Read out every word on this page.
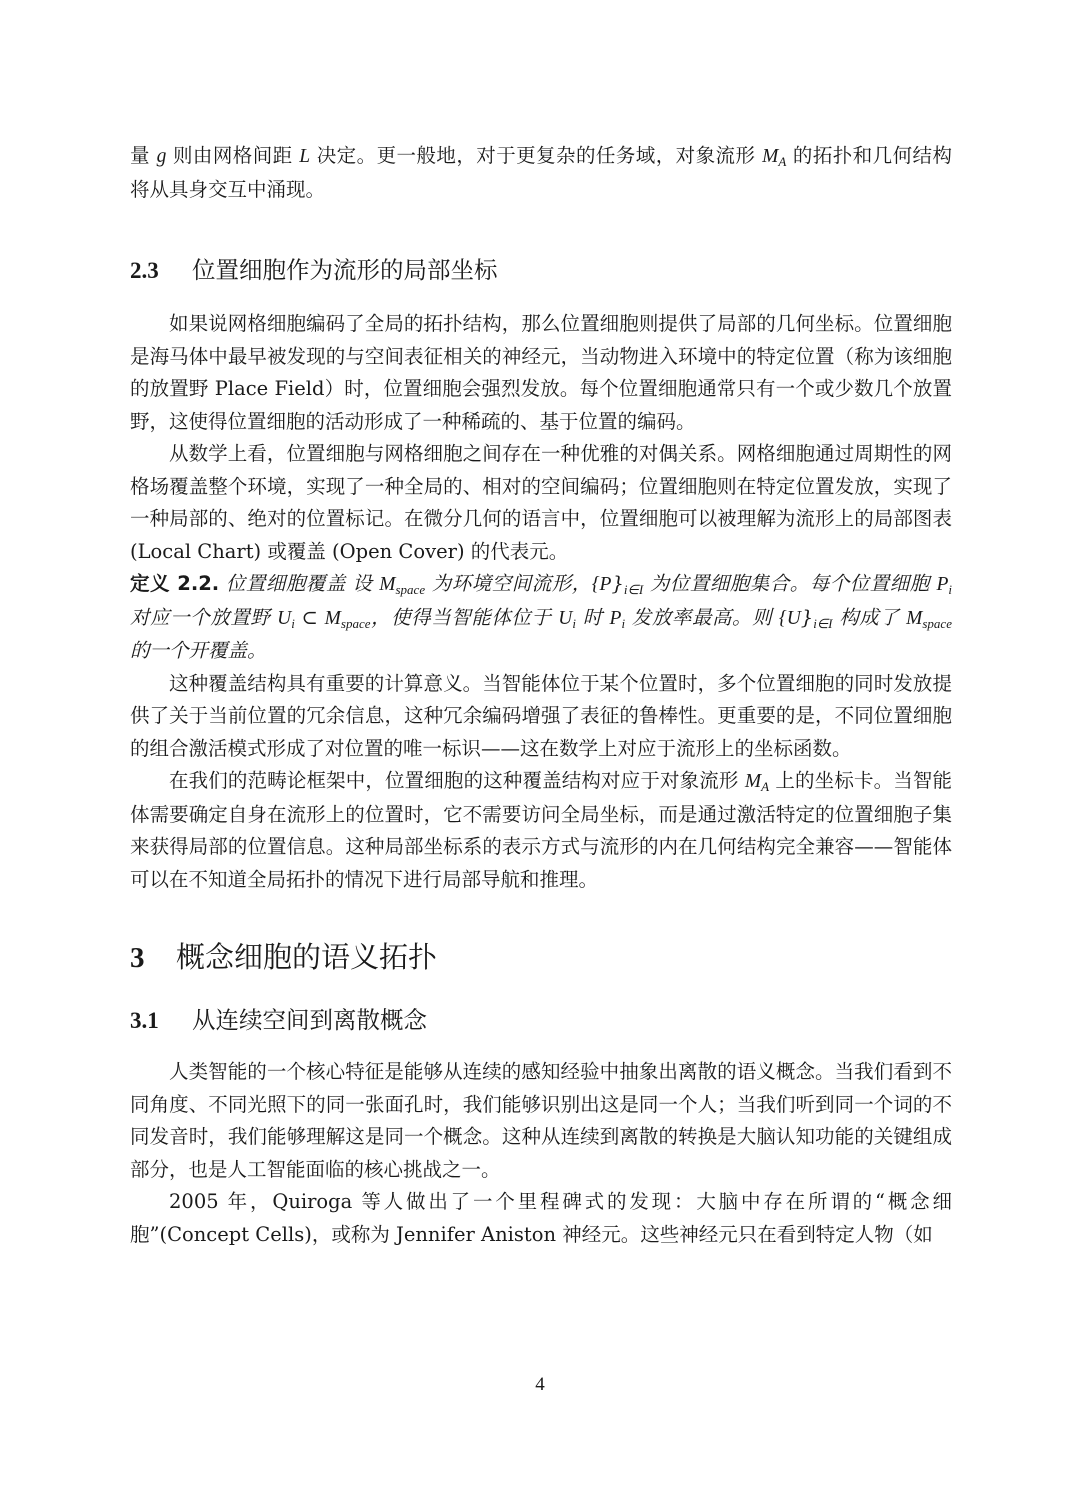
量 g 则由网格间距 L 决定。更一般地，对于更复杂的任务域，对象流形 $M_A$ 的拓扑和几何结构将从具身交互中涌现。

2.3 位置细胞作为流形的局部坐标

如果说网格细胞编码了全局的拓扑结构，那么位置细胞则提供了局部的几何坐标。位置细胞是海马体中最早被发现的与空间表征相关的神经元，当动物进入环境中的特定位置（称为该细胞的放置野 Place Field）时，位置细胞会强烈发放。每个位置细胞通常只有一个或少数几个放置野，这使得位置细胞的活动形成了一种稀疏的、基于位置的编码。

从数学上看，位置细胞与网格细胞之间存在一种优雅的对偶关系。网格细胞通过周期性的网格场覆盖整个环境，实现了一种全局的、相对的空间编码；位置细胞则在特定位置发放，实现了一种局部的、绝对的位置标记。在微分几何的语言中，位置细胞可以被理解为流形上的局部图表 (Local Chart) 或覆盖 (Open Cover) 的代表元。

定义 2.2. 位置细胞覆盖 设 $M_{space}$ 为环境空间流形，$\{P\}_{i\in I}$ 为位置细胞集合。每个位置细胞 $P_i$ 对应一个放置野 $U_i$ ⊂ $M_{space}$，使得当智能体位于 $U_i$ 时 $P_i$ 发放率最高。则 $\{U\}_{i\in I}$ 构成了 $M_{space}$ 的一个开覆盖。

这种覆盖结构具有重要的计算意义。当智能体位于某个位置时，多个位置细胞的同时发放提供了关于当前位置的冗余信息，这种冗余编码增强了表征的鲁棒性。更重要的是，不同位置细胞的组合激活模式形成了对位置的唯一标识——这在数学上对应于流形上的坐标函数。

在我们的范畴论框架中，位置细胞的这种覆盖结构对应于对象流形 $M_A$ 上的坐标卡。当智能体需要确定自身在流形上的位置时，它不需要访问全局坐标，而是通过激活特定的位置细胞子集来获得局部的位置信息。这种局部坐标系的表示方式与流形的内在几何结构完全兼容——智能体可以在不知道全局拓扑的情况下进行局部导航和推理。

3 概念细胞的语义拓扑
3.1 从连续空间到离散概念

人类智能的一个核心特征是能够从连续的感知经验中抽象出离散的语义概念。当我们看到不同角度、不同光照下的同一张面孔时，我们能够识别出这是同一个人；当我们听到同一个词的不同发音时，我们能够理解这是同一个概念。这种从连续到离散的转换是大脑认知功能的关键组成部分，也是人工智能面临的核心挑战之一。

2005 年，Quiroga 等人做出了一个里程碑式的发现：大脑中存在所谓的“概念细胞”(Concept Cells)，或称为 Jennifer Aniston 神经元。这些神经元只在看到特定人物（如

4
